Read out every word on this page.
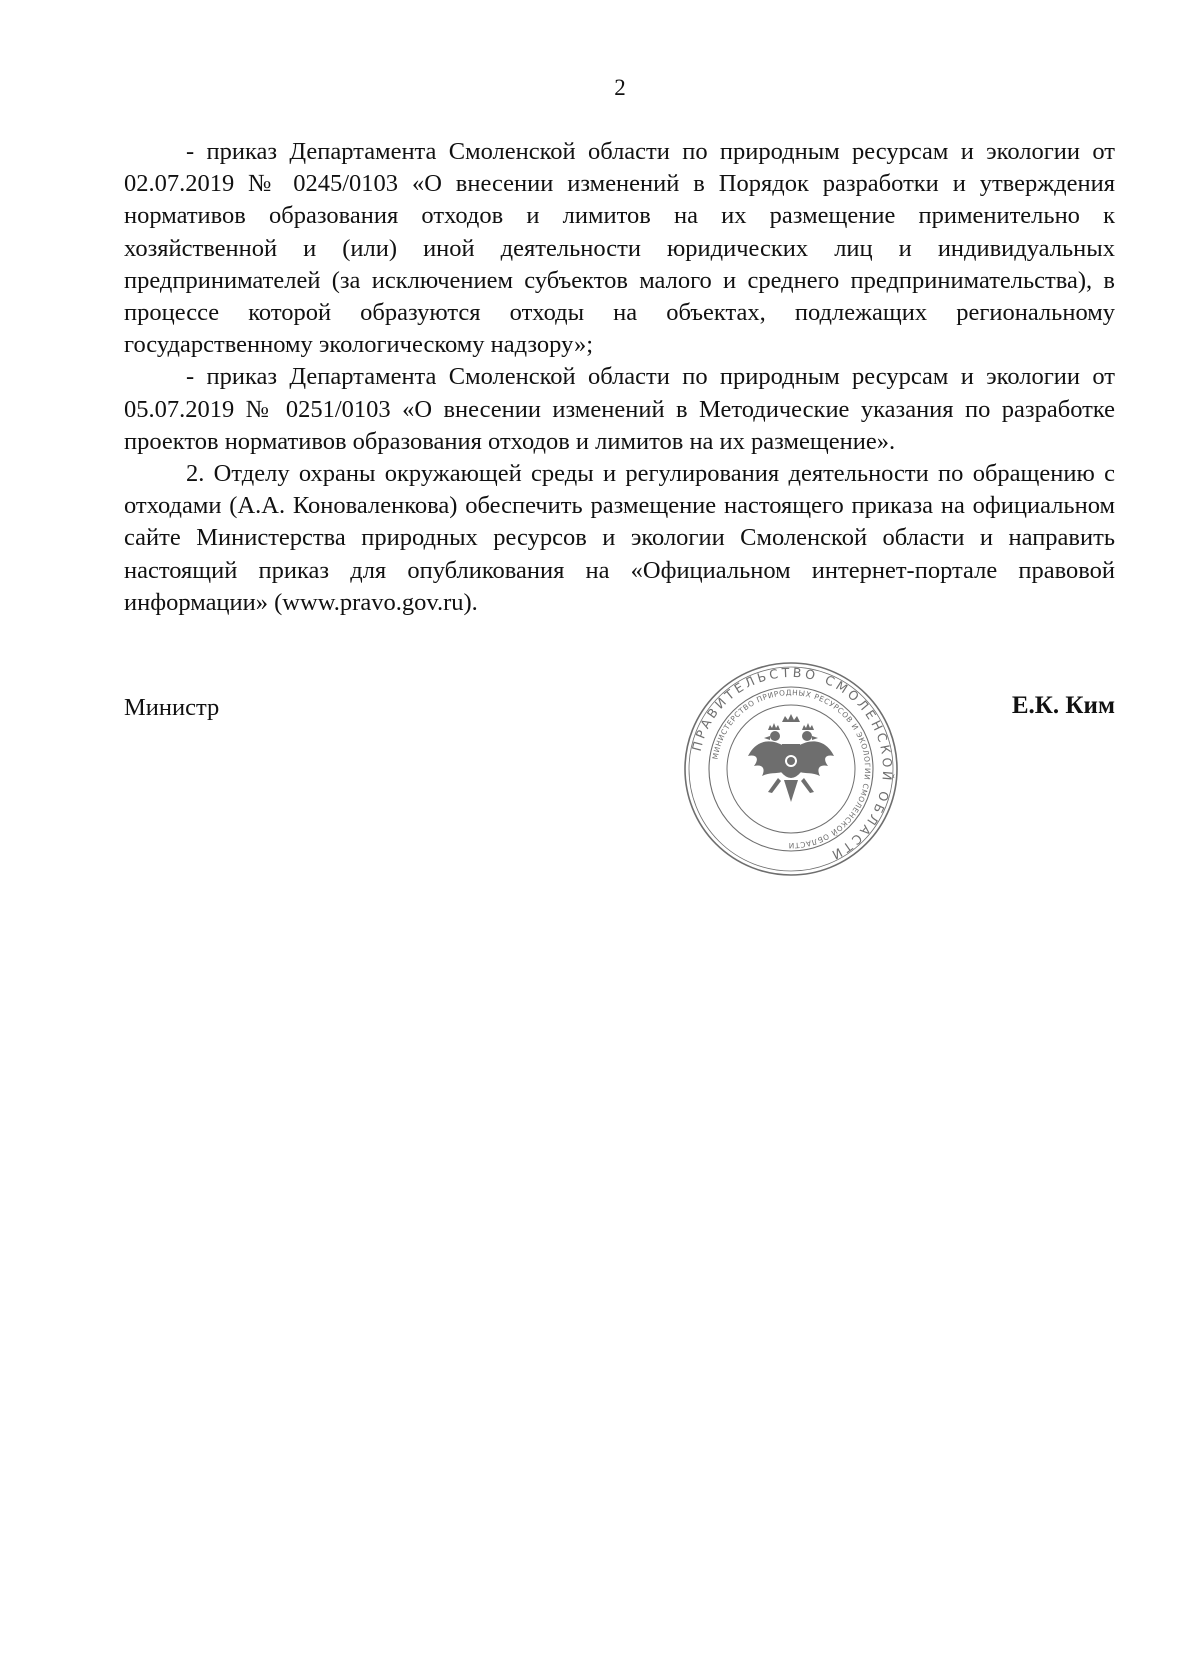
2

- приказ Департамента Смоленской области по природным ресурсам и экологии от 02.07.2019 № 0245/0103 «О внесении изменений в Порядок разработки и утверждения нормативов образования отходов и лимитов на их размещение применительно к хозяйственной и (или) иной деятельности юридических лиц и индивидуальных предпринимателей (за исключением субъектов малого и среднего предпринимательства), в процессе которой образуются отходы на объектах, подлежащих региональному государственному экологическому надзору»;

- приказ Департамента Смоленской области по природным ресурсам и экологии от 05.07.2019 № 0251/0103 «О внесении изменений в Методические указания по разработке проектов нормативов образования отходов и лимитов на их размещение».

2. Отделу охраны окружающей среды и регулирования деятельности по обращению с отходами (А.А. Коноваленкова) обеспечить размещение настоящего приказа на официальном сайте Министерства природных ресурсов и экологии Смоленской области и направить настоящий приказ для опубликования на «Официальном интернет-портале правовой информации» (www.pravo.gov.ru).

Министр	Е.К. Ким
ПРАВИТЕЛЬСТВО СМОЛЕНСКОЙ ОБЛАСТИ
МИНИСТЕРСТВО ПРИРОДНЫХ РЕСУРСОВ И ЭКОЛОГИИ СМОЛЕНСКОЙ ОБЛАСТИ
